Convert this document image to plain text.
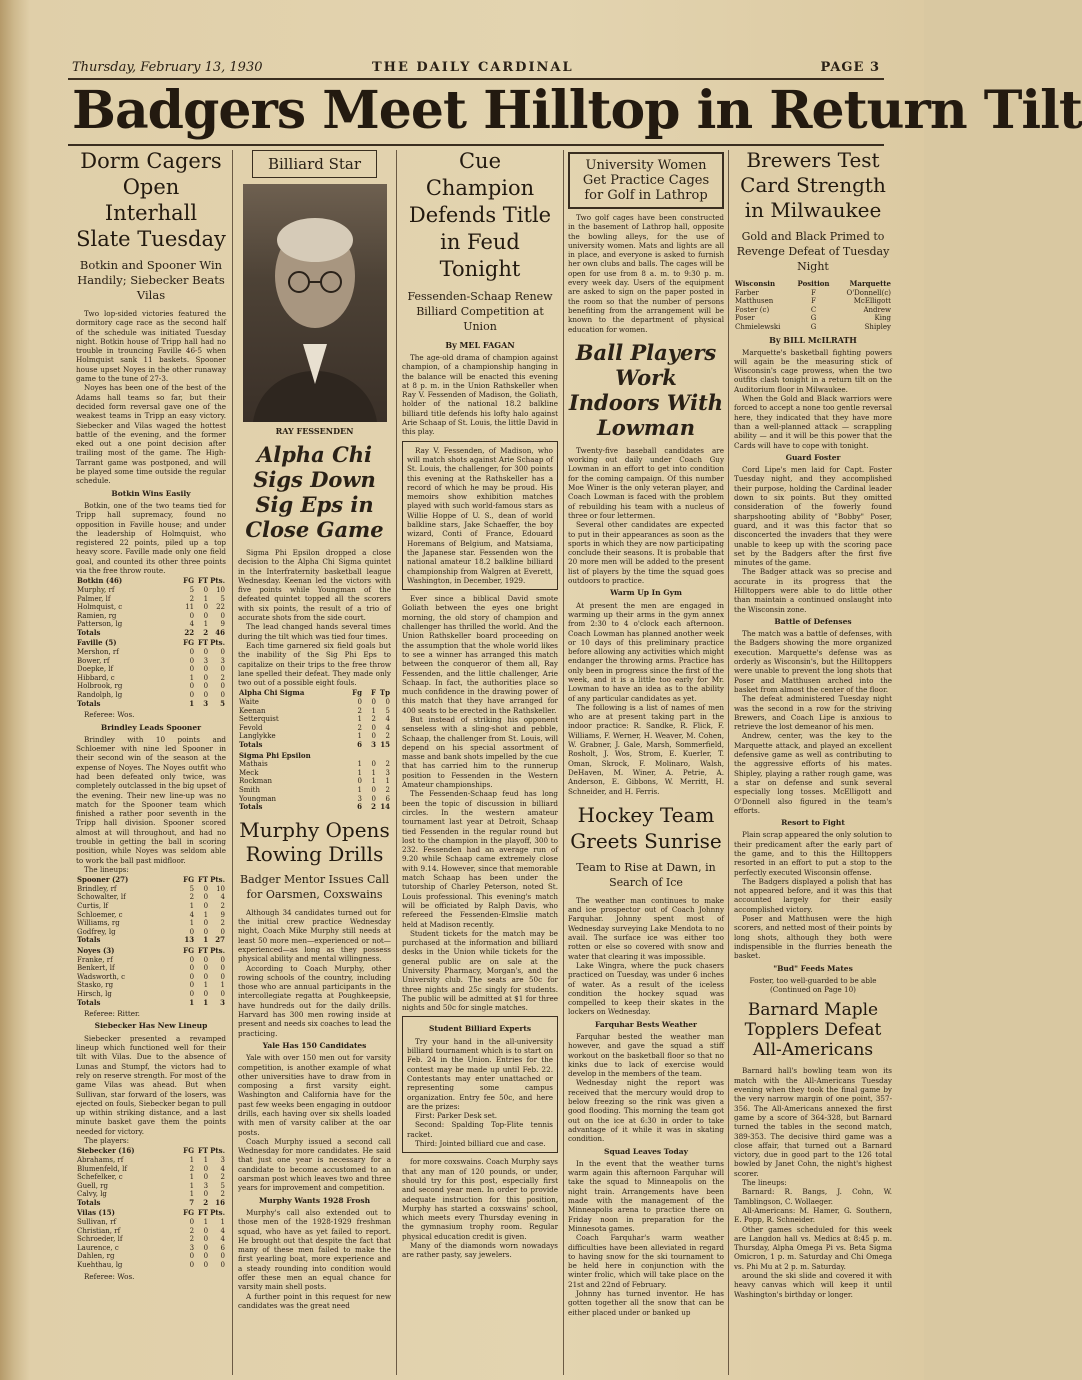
Thursday, February 13, 1930	THE DAILY CARDINAL	PAGE 3
Badgers Meet Hilltop in Return Tilt
Dorm Cagers Open Interhall Slate Tuesday
Botkin and Spooner Win Handily; Siebecker Beats Vilas

Two lop-sided victories featured the dormitory cage race as the second half of the schedule was initiated Tuesday night. Botkin house of Tripp hall had no trouble in trouncing Faville 46-5 when Holmquist sank 11 baskets. Spooner house upset Noyes in the other runaway game to the tune of 27-3.

Noyes has been one of the best of the Adams hall teams so far, but their decided form reversal gave one of the weakest teams in Tripp an easy victory. Siebecker and Vilas waged the hottest battle of the evening, and the former eked out a one point decision after trailing most of the game. The High-Tarrant game was postponed, and will be played some time outside the regular schedule.

Botkin Wins Easily

Botkin, one of the two teams tied for Tripp hall supremacy, found no opposition in Faville house; and under the leadership of Holmquist, who registered 22 points, piled up a top heavy score. Faville made only one field goal, and counted its other three points via the free throw route.

Botkin (46)	FG	FT	Pts.
Murphy, rf	5	0	10
Palmer, lf	2	1	5
Holmquist, c	11	0	22
Ramien, rg	0	0	0
Patterson, lg	4	1	9
Totals	22	2	46
Faville (5)	FG	FT	Pts.
Mershon, rf	0	0	0
Bower, rf	0	3	3
Doepke, lf	0	0	0
Hibbard, c	1	0	2
Holbrook, rg	0	0	0
Randolph, lg	0	0	0
Totals	1	3	5

Referee: Wos.

Brindley Leads Spooner

Brindley with 10 points and Schloemer with nine led Spooner in their second win of the season at the expense of Noyes. The Noyes outfit who had been defeated only twice, was completely outclassed in the big upset of the evening. Their new line-up was no match for the Spooner team which finished a rather poor seventh in the Tripp hall division. Spooner scored almost at will throughout, and had no trouble in getting the ball in scoring position, while Noyes was seldom able to work the ball past midfloor.

The lineups:

Spooner (27)	FG	FT	Pts.
Brindley, rf	5	0	10
Schowalter, lf	2	0	4
Curtis, lf	1	0	2
Schloemer, c	4	1	9
Williams, rg	1	0	2
Godfrey, lg	0	0	0
Totals	13	1	27
Noyes (3)	FG	FT	Pts.
Franke, rf	0	0	0
Benkert, lf	0	0	0
Wadsworth, c	0	0	0
Stasko, rg	0	1	1
Hirsch, lg	0	0	0
Totals	1	1	3

Referee: Ritter.

Siebecker Has New Lineup

Siebecker presented a revamped lineup which functioned well for their tilt with Vilas. Due to the absence of Lunas and Stumpf, the victors had to rely on reserve strength. For most of the game Vilas was ahead. But when Sullivan, star forward of the losers, was ejected on fouls, Siebecker began to pull up within striking distance, and a last minute basket gave them the points needed for victory.

The players:

Siebecker (16)	FG	FT	Pts.
Abrahams, rf	1	1	3
Blumenfeld, lf	2	0	4
Schefelker, c	1	0	2
Guell, rg	1	3	5
Calvy, lg	1	0	2
Totals	7	2	16
Vilas (15)	FG	FT	Pts.
Sullivan, rf	0	1	1
Christian, rf	2	0	4
Schroeder, lf	2	0	4
Laurence, c	3	0	6
Dahlen, rg	0	0	0
Kuehthau, lg	0	0	0

Referee: Wos.

Billiard Star
RAY FESSENDEN
Alpha Chi Sigs Down Sig Eps in Close Game

Sigma Phi Epsilon dropped a close decision to the Alpha Chi Sigma quintet in the Interfraternity basketball league Wednesday. Keenan led the victors with five points while Youngman of the defeated quintet topped all the scorers with six points, the result of a trio of accurate shots from the side court.

The lead changed hands several times during the tilt which was tied four times.

Each time garnered six field goals but the inability of the Sig Phi Eps to capitalize on their trips to the free throw lane spelled their defeat. They made only two out of a possible eight fouls.

Alpha Chi Sigma	Fg	F	Tp
Waite	0	0	0
Keenan	2	1	5
Setterquist	1	2	4
Fevold	2	0	4
Langlykke	1	0	2
Totals	6	3	15
Sigma Phi Epsilon			
Mathais	1	0	2
Meck	1	1	3
Rockman	0	1	1
Smith	1	0	2
Youngman	3	0	6
Totals	6	2	14
Murphy Opens Rowing Drills
Badger Mentor Issues Call for Oarsmen, Coxswains

Although 34 candidates turned out for the initial crew practice Wednesday night, Coach Mike Murphy still needs at least 50 more men—experienced or not—experienced—as long as they possess physical ability and mental willingness.

According to Coach Murphy, other rowing schools of the country, including those who are annual participants in the intercollegiate regatta at Poughkeepsie, have hundreds out for the daily drills. Harvard has 300 men rowing inside at present and needs six coaches to lead the practicing.

Yale Has 150 Candidates

Yale with over 150 men out for varsity competition, is another example of what other universities have to draw from in composing a first varsity eight. Washington and California have for the past few weeks been engaging in outdoor drills, each having over six shells loaded with men of varsity caliber at the oar posts.

Coach Murphy issued a second call Wednesday for more candidates. He said that just one year is necessary for a candidate to become accustomed to an oarsman post which leaves two and three years for improvement and competition.

Murphy Wants 1928 Frosh

Murphy's call also extended out to those men of the 1928-1929 freshman squad, who have as yet failed to report. He brought out that despite the fact that many of these men failed to make the first yearling boat, more experience and a steady rounding into condition would offer these men an equal chance for varsity main shell posts.

A further point in this request for new candidates was the great need

Cue Champion Defends Title in Feud Tonight
Fessenden-Schaap Renew Billiard Competition at Union
By MEL FAGAN

The age-old drama of champion against champion, of a championship hanging in the balance will be enacted this evening at 8 p. m. in the Union Rathskeller when Ray V. Fessenden of Madison, the Goliath, holder of the national 18.2 balkline billiard title defends his lofty halo against Arie Schaap of St. Louis, the little David in this play.

Ray V. Fessenden, of Madison, who will match shots against Arie Schaap of St. Louis, the challenger, for 300 points this evening at the Rathskeller has a record of which he may be proud. His memoirs show exhibition matches played with such world-famous stars as Willie Hoppe of U. S., dean of world balkline stars, Jake Schaeffer, the boy wizard, Conti of France, Edouard Horemans of Belgium, and Matsiama, the Japanese star. Fessenden won the national amateur 18.2 balkline billiard championship from Walgren at Everett, Washington, in December, 1929.

Ever since a biblical David smote Goliath between the eyes one bright morning, the old story of champion and challenger has thrilled the world. And the Union Rathskeller board proceeding on the assumption that the whole world likes to see a winner has arranged this match between the conqueror of them all, Ray Fessenden, and the little challenger, Arie Schaap. In fact, the authorities place so much confidence in the drawing power of this match that they have arranged for 400 seats to be erected in the Rathskeller.

But instead of striking his opponent senseless with a sling-shot and pebble, Schaap, the challenger from St. Louis, will depend on his special assortment of masse and bank shots impelled by the cue that has carried him to the runnerup position to Fessenden in the Western Amateur championships.

The Fessenden-Schaap feud has long been the topic of discussion in billiard circles. In the western amateur tournament last year at Detroit, Schaap tied Fessenden in the regular round but lost to the champion in the playoff, 300 to 232. Fessenden had an average run of 9.20 while Schaap came extremely close with 9.14. However, since that memorable match Schaap has been under the tutorship of Charley Peterson, noted St. Louis professional. This evening's match will be officiated by Ralph Davis, who refereed the Fessenden-Elmslie match held at Madison recently.

Student tickets for the match may be purchased at the information and billiard desks in the Union while tickets for the general public are on sale at the University Pharmacy, Morgan's, and the University club. The seats are 50c for three nights and 25c singly for students. The public will be admitted at $1 for three nights and 50c for single matches.

Student Billiard Experts

Try your hand in the all-university billiard tournament which is to start on Feb. 24 in the Union. Entries for the contest may be made up until Feb. 22. Contestants may enter unattached or representing some campus organization. Entry fee 50c, and here are the prizes:

First: Parker Desk set.

Second: Spalding Top-Flite tennis racket.

Third: Jointed billiard cue and case.

for more coxswains. Coach Murphy says that any man of 120 pounds, or under, should try for this post, especially first and second year men. In order to provide adequate instruction for this position, Murphy has started a coxswains' school, which meets every Thursday evening in the gymnasium trophy room. Regular physical education credit is given.

Many of the diamonds worn nowadays are rather pasty, say jewelers.

University Women Get Practice Cages for Golf in Lathrop

Two golf cages have been constructed in the basement of Lathrop hall, opposite the bowling alleys, for the use of university women. Mats and lights are all in place, and everyone is asked to furnish her own clubs and balls. The cages will be open for use from 8 a. m. to 9:30 p. m. every week day. Users of the equipment are asked to sign on the paper posted in the room so that the number of persons benefiting from the arrangement will be known to the department of physical education for women.

Ball Players Work Indoors With Lowman

Twenty-five baseball candidates are working out daily under Coach Guy Lowman in an effort to get into condition for the coming campaign. Of this number Moe Winer is the only veteran player, and Coach Lowman is faced with the problem of rebuilding his team with a nucleus of three or four lettermen.

Several other candidates are expected to put in their appearances as soon as the sports in which they are now participating conclude their seasons. It is probable that 20 more men will be added to the present list of players by the time the squad goes outdoors to practice.

Warm Up In Gym

At present the men are engaged in warming up their arms in the gym annex from 2:30 to 4 o'clock each afternoon. Coach Lowman has planned another week or 10 days of this preliminary practice before allowing any activities which might endanger the throwing arms. Practice has only been in progress since the first of the week, and it is a little too early for Mr. Lowman to have an idea as to the ability of any particular candidates as yet.

The following is a list of names of men who are at present taking part in the indoor practice: R. Sandke, R. Flick, F. Williams, F. Werner, H. Weaver, M. Cohen, W. Grabner, J. Gale, Marsh, Sommerfield, Rosholt, J. Wos, Strom, E. Kuerler, T. Oman, Skrock, F. Molinaro, Walsh, DeHaven, M. Winer, A. Petrie, A. Anderson, E. Gibbons, W. Merritt, H. Schneider, and H. Ferris.

Hockey Team Greets Sunrise
Team to Rise at Dawn, in Search of Ice

The weather man continues to make and ice prospector out of Coach Johnny Farquhar. Johnny spent most of Wednesday surveying Lake Mendota to no avail. The surface ice was either too rotten or else so covered with snow and water that clearing it was impossible.

Lake Wingra, where the puck chasers practiced on Tuesday, was under 6 inches of water. As a result of the iceless condition the hockey squad was compelled to keep their skates in the lockers on Wednesday.

Farquhar Bests Weather

Farquhar bested the weather man however, and gave the squad a stiff workout on the basketball floor so that no kinks due to lack of exercise would develop in the members of the team.

Wednesday night the report was received that the mercury would drop to below freezing so the rink was given a good flooding. This morning the team got out on the ice at 6:30 in order to take advantage of it while it was in skating condition.

Squad Leaves Today

In the event that the weather turns warm again this afternoon Farquhar will take the squad to Minneapolis on the night train. Arrangements have been made with the management of the Minneapolis arena to practice there on Friday noon in preparation for the Minnesota games.

Coach Farquhar's warm weather difficulties have been alleviated in regard to having snow for the ski tournament to be held here in conjunction with the winter frolic, which will take place on the 21st and 22nd of February.

Johnny has turned inventor. He has gotten together all the snow that can be either placed under or banked up

Brewers Test Card Strength in Milwaukee
Gold and Black Primed to Revenge Defeat of Tuesday Night
Wisconsin	Position	Marquette
Farber	F	O'Donnell(c)
Matthusen	F	McElligott
Foster (c)	C	Andrew
Poser	G	King
Chmielewski	G	Shipley
By BILL McILRATH

Marquette's basketball fighting powers will again be the measuring stick of Wisconsin's cage prowess, when the two outfits clash tonight in a return tilt on the Auditorium floor in Milwaukee.

When the Gold and Black warriors were forced to accept a none too gentle reversal here, they indicated that they have more than a well-planned attack — scrappling ability — and it will be this power that the Cards will have to cope with tonight.

Guard Foster

Cord Lipe's men laid for Capt. Foster Tuesday night, and they accomplished their purpose, holding the Cardinal leader down to six points. But they omitted consideration of the fowerly found sharpshooting ability of "Bobby" Poser, guard, and it was this factor that so disconcerted the invaders that they were unable to keep up with the scoring pace set by the Badgers after the first five minutes of the game.

The Badger attack was so precise and accurate in its progress that the Hilltoppers were able to do little other than maintain a continued onslaught into the Wisconsin zone.

Battle of Defenses

The match was a battle of defenses, with the Badgers showing the more organized execution. Marquette's defense was as orderly as Wisconsin's, but the Hilltoppers were unable to prevent the long shots that Poser and Matthusen arched into the basket from almost the center of the floor.

The defeat administered Tuesday night was the second in a row for the striving Brewers, and Coach Lipe is anxious to retrieve the lost demeanor of his men.

Andrew, center, was the key to the Marquette attack, and played an excellent defensive game as well as contributing to the aggressive efforts of his mates. Shipley, playing a rather rough game, was a star on defense and sunk several especially long tosses. McElligott and O'Donnell also figured in the team's efforts.

Resort to Fight

Plain scrap appeared the only solution to their predicament after the early part of the game, and to this the Hilltoppers resorted in an effort to put a stop to the perfectly executed Wisconsin offense.

The Badgers displayed a polish that has not appeared before, and it was this that accounted largely for their easily accomplished victory.

Poser and Matthusen were the high scorers, and netted most of their points by long shots, although they both were indispensible in the flurries beneath the basket.

"Bud" Feeds Mates

Foster, too well-guarded to be able (Continued on Page 10)

Barnard Maple Topplers Defeat All-Americans

Barnard hall's bowling team won its match with the All-Americans Tuesday evening when they took the final game by the very narrow margin of one point, 357-356. The All-Americans annexed the first game by a score of 364-328, but Barnard turned the tables in the second match, 389-353. The decisive third game was a close affair, that turned out a Barnard victory, due in good part to the 126 total bowled by Janet Cohn, the night's highest scorer.

The lineups:

Barnard: R. Bangs, J. Cohn, W. Tamblingson, C. Wollaeger.

All-Americans: M. Hamer, G. Southern, E. Popp, R. Schneider.

Other games scheduled for this week are Langdon hall vs. Medics at 8:45 p. m. Thursday, Alpha Omega Pi vs. Beta Sigma Omicron, 1 p. m. Saturday and Chi Omega vs. Phi Mu at 2 p. m. Saturday.

around the ski slide and covered it with heavy canvas which will keep it until Washington's birthday or longer.
